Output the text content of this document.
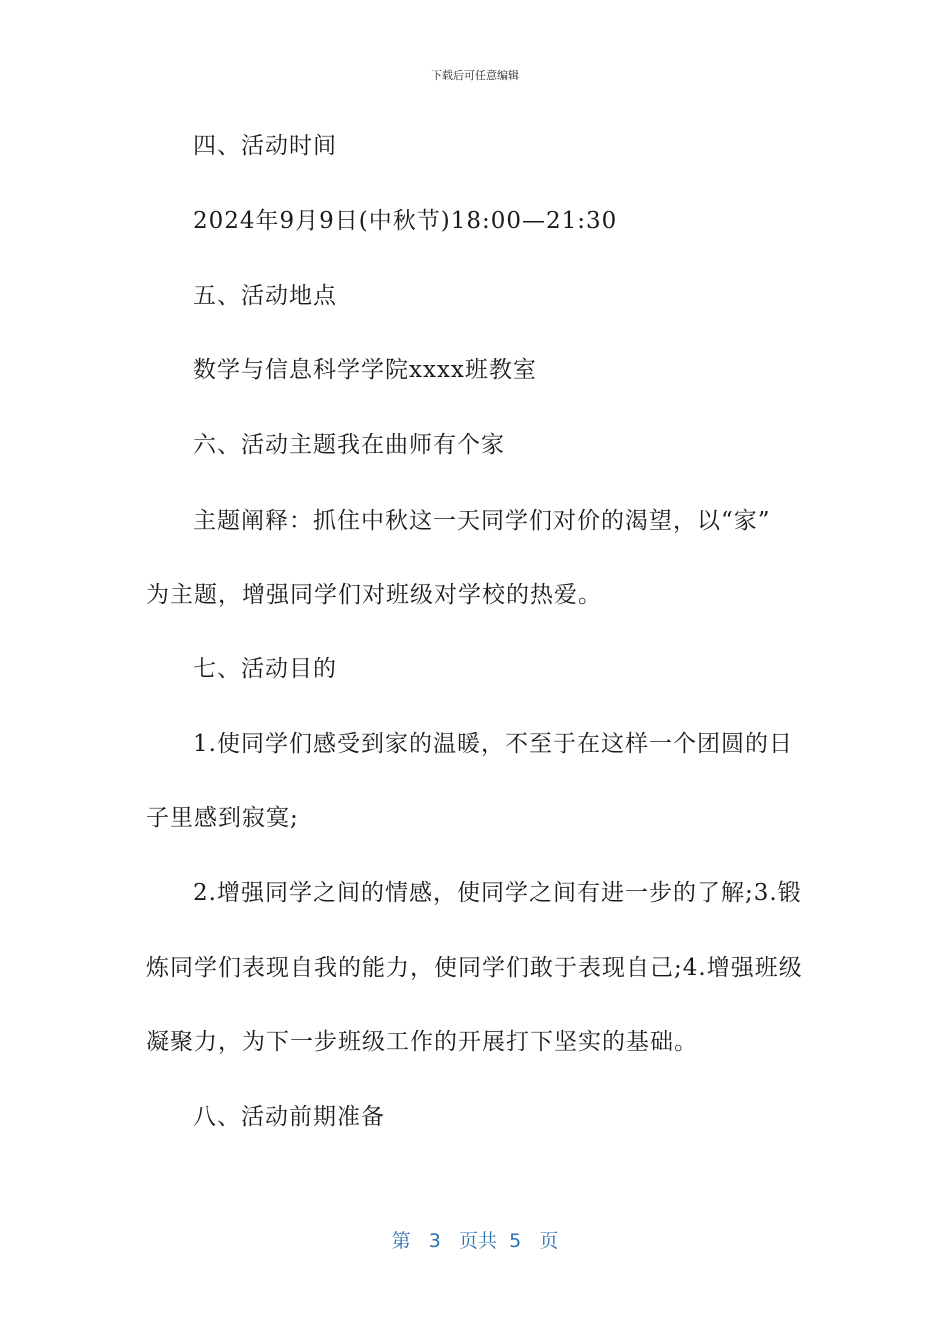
下载后可任意编辑
四、活动时间
2024年9月9日(中秋节)18:00—21:30
五、活动地点
数学与信息科学学院xxxx班教室
六、活动主题我在曲师有个家
主题阐释：抓住中秋这一天同学们对价的渴望，以“家”
为主题，增强同学们对班级对学校的热爱。
七、活动目的
1.使同学们感受到家的温暖，不至于在这样一个团圆的日
子里感到寂寞;
2.增强同学之间的情感，使同学之间有进一步的了解;3.锻
炼同学们表现自我的能力，使同学们敢于表现自己;4.增强班级
凝聚力，为下一步班级工作的开展打下坚实的基础。
八、活动前期准备
第 3 页共 5 页
